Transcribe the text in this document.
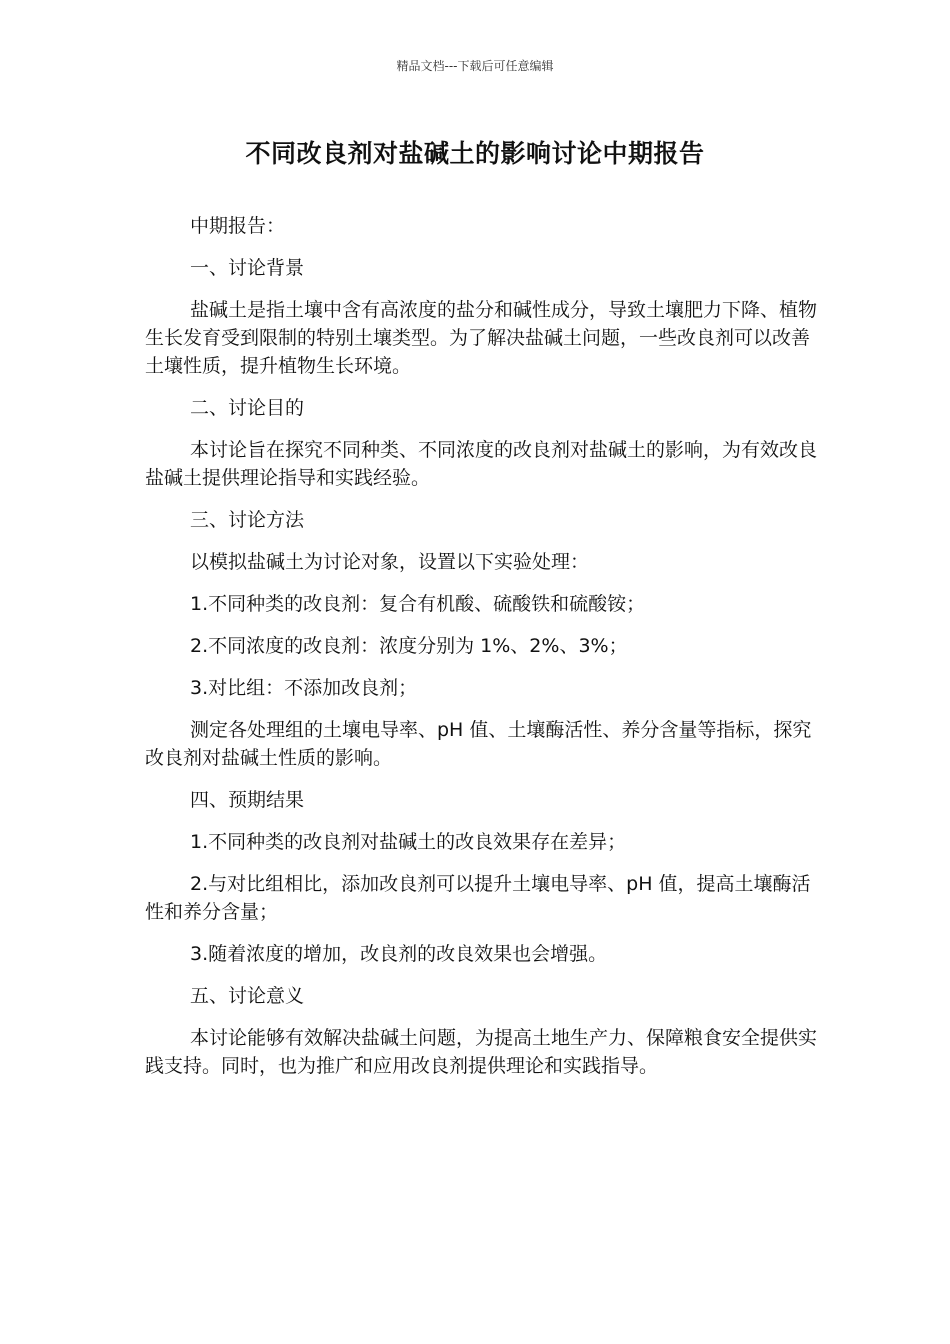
精品文档---下载后可任意编辑
不同改良剂对盐碱土的影响讨论中期报告

中期报告：

一、讨论背景

盐碱土是指土壤中含有高浓度的盐分和碱性成分，导致土壤肥力下降、植物生长发育受到限制的特别土壤类型。为了解决盐碱土问题，一些改良剂可以改善土壤性质，提升植物生长环境。

二、讨论目的

本讨论旨在探究不同种类、不同浓度的改良剂对盐碱土的影响，为有效改良盐碱土提供理论指导和实践经验。

三、讨论方法

以模拟盐碱土为讨论对象，设置以下实验处理：

1.不同种类的改良剂：复合有机酸、硫酸铁和硫酸铵；

2.不同浓度的改良剂：浓度分别为 1%、2%、3%；

3.对比组：不添加改良剂；

测定各处理组的土壤电导率、pH 值、土壤酶活性、养分含量等指标，探究改良剂对盐碱土性质的影响。

四、预期结果

1.不同种类的改良剂对盐碱土的改良效果存在差异；

2.与对比组相比，添加改良剂可以提升土壤电导率、pH 值，提高土壤酶活性和养分含量；

3.随着浓度的增加，改良剂的改良效果也会增强。

五、讨论意义

本讨论能够有效解决盐碱土问题，为提高土地生产力、保障粮食安全提供实践支持。同时，也为推广和应用改良剂提供理论和实践指导。
